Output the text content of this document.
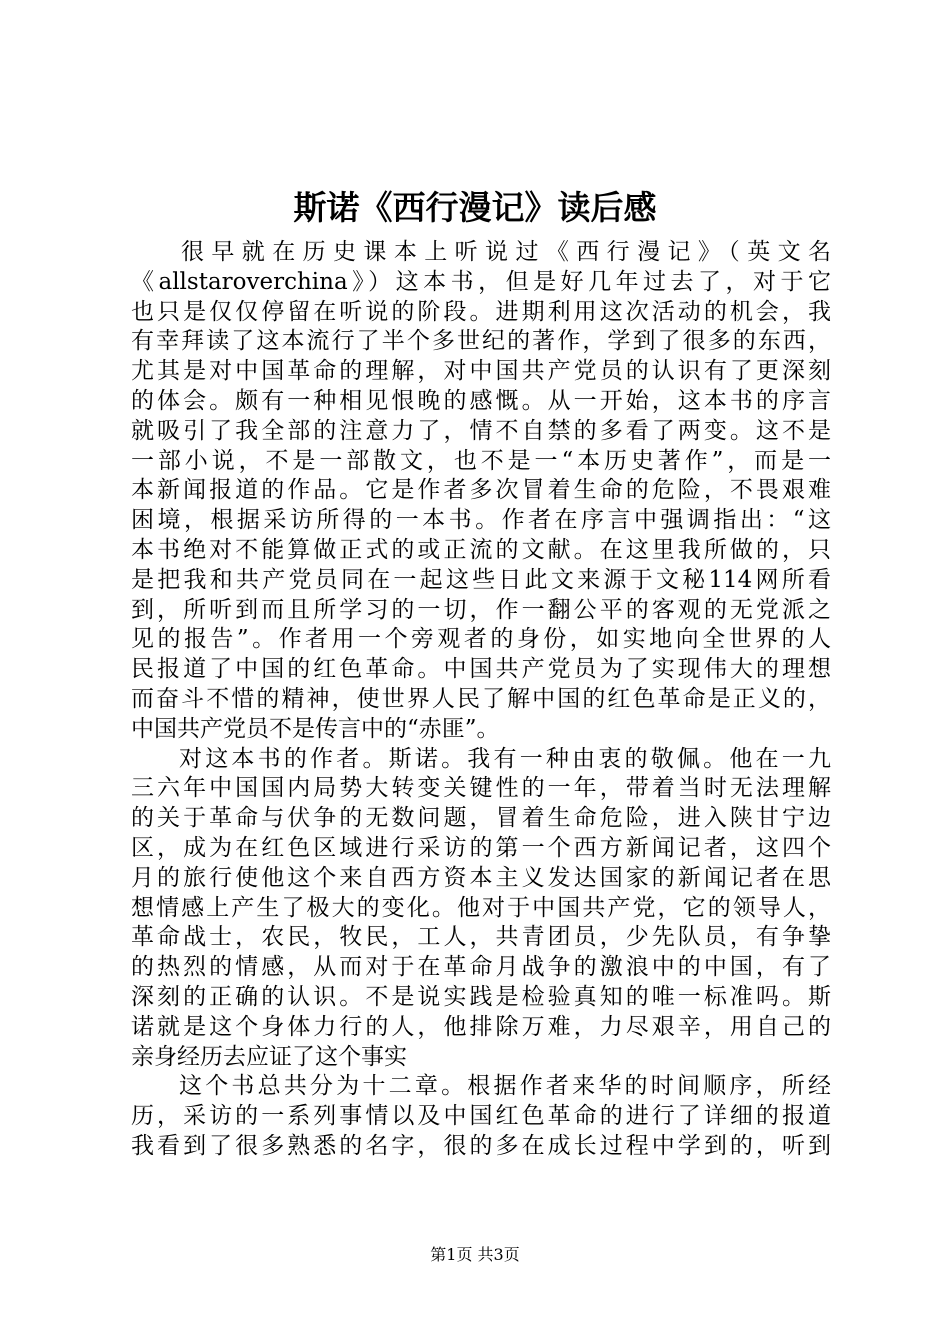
斯诺《西行漫记》读后感
很早就在历史课本上听说过《西行漫记》（英文名
《allstaroverchina》）这本书，但是好几年过去了，对于它
也只是仅仅停留在听说的阶段。进期利用这次活动的机会，我
有幸拜读了这本流行了半个多世纪的著作，学到了很多的东西，
尤其是对中国革命的理解，对中国共产党员的认识有了更深刻
的体会。颇有一种相见恨晚的感慨。从一开始，这本书的序言
就吸引了我全部的注意力了，情不自禁的多看了两变。这不是
一部小说，不是一部散文，也不是一“本历史著作”，而是一
本新闻报道的作品。它是作者多次冒着生命的危险，不畏艰难
困境，根据采访所得的一本书。作者在序言中强调指出：“这
本书绝对不能算做正式的或正流的文献。在这里我所做的，只
是把我和共产党员同在一起这些日此文来源于文秘114网所看
到，所听到而且所学习的一切，作一翻公平的客观的无党派之
见的报告”。作者用一个旁观者的身份，如实地向全世界的人
民报道了中国的红色革命。中国共产党员为了实现伟大的理想
而奋斗不惜的精神，使世界人民了解中国的红色革命是正义的，
中国共产党员不是传言中的“赤匪”。
对这本书的作者。斯诺。我有一种由衷的敬佩。他在一九
三六年中国国内局势大转变关键性的一年，带着当时无法理解
的关于革命与伏争的无数问题，冒着生命危险，进入陕甘宁边
区，成为在红色区域进行采访的第一个西方新闻记者，这四个
月的旅行使他这个来自西方资本主义发达国家的新闻记者在思
想情感上产生了极大的变化。他对于中国共产党，它的领导人，
革命战士，农民，牧民，工人，共青团员，少先队员，有争挚
的热烈的情感，从而对于在革命月战争的激浪中的中国，有了
深刻的正确的认识。不是说实践是检验真知的唯一标准吗。斯
诺就是这个身体力行的人，他排除万难，力尽艰辛，用自己的
亲身经历去应证了这个事实
这个书总共分为十二章。根据作者来华的时间顺序，所经
历，采访的一系列事情以及中国红色革命的进行了详细的报道
我看到了很多熟悉的名字，很的多在成长过程中学到的，听到
第1页 共3页
